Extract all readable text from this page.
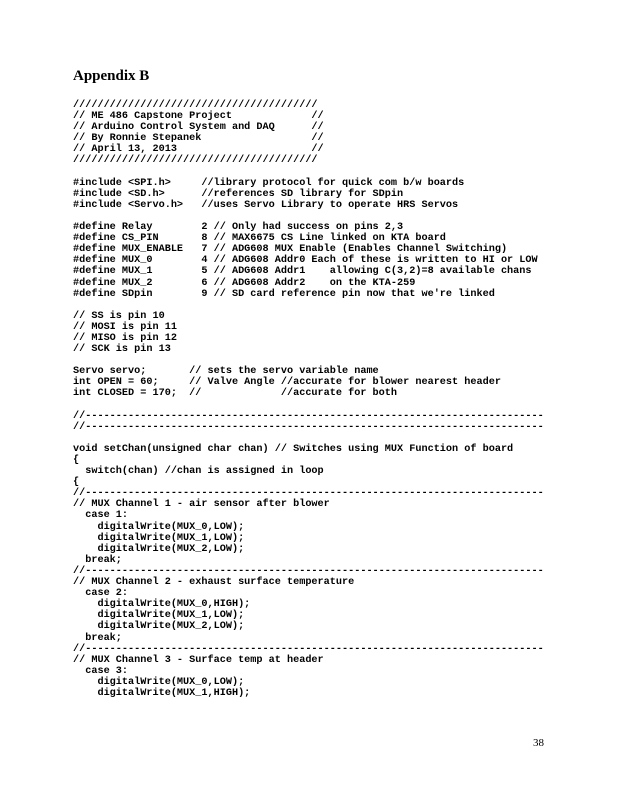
Appendix B
////////////////////////////////////////
// ME 486 Capstone Project             //
// Arduino Control System and DAQ      //
// By Ronnie Stepanek                  //
// April 13, 2013                      //
////////////////////////////////////////
#include <SPI.h>     //library protocol for quick com b/w boards
#include <SD.h>      //references SD library for SDpin
#include <Servo.h>   //uses Servo Library to operate HRS Servos
#define Relay        2 // Only had success on pins 2,3
#define CS_PIN       8 // MAX6675 CS Line linked on KTA board
#define MUX_ENABLE   7 // ADG608 MUX Enable (Enables Channel Switching)
#define MUX_0        4 // ADG608 Addr0 Each of these is written to HI or LOW
#define MUX_1        5 // ADG608 Addr1    allowing C(3,2)=8 available chans
#define MUX_2        6 // ADG608 Addr2    on the KTA-259
#define SDpin        9 // SD card reference pin now that we're linked
// SS is pin 10
// MOSI is pin 11
// MISO is pin 12
// SCK is pin 13
Servo servo;       // sets the servo variable name
int OPEN = 60;     // Valve Angle //accurate for blower nearest header
int CLOSED = 170;  //             //accurate for both
//---------------------------------------------------------------------------
//---------------------------------------------------------------------------
void setChan(unsigned char chan) // Switches using MUX Function of board
{
switch(chan) //chan is assigned in loop
{
//---------------------------------------------------------------------------
// MUX Channel 1 - air sensor after blower
case 1:
digitalWrite(MUX_0,LOW);
digitalWrite(MUX_1,LOW);
digitalWrite(MUX_2,LOW);
break;
//---------------------------------------------------------------------------
// MUX Channel 2 - exhaust surface temperature
case 2:
digitalWrite(MUX_0,HIGH);
digitalWrite(MUX_1,LOW);
digitalWrite(MUX_2,LOW);
break;
//---------------------------------------------------------------------------
// MUX Channel 3 - Surface temp at header
case 3:
digitalWrite(MUX_0,LOW);
digitalWrite(MUX_1,HIGH);
38
